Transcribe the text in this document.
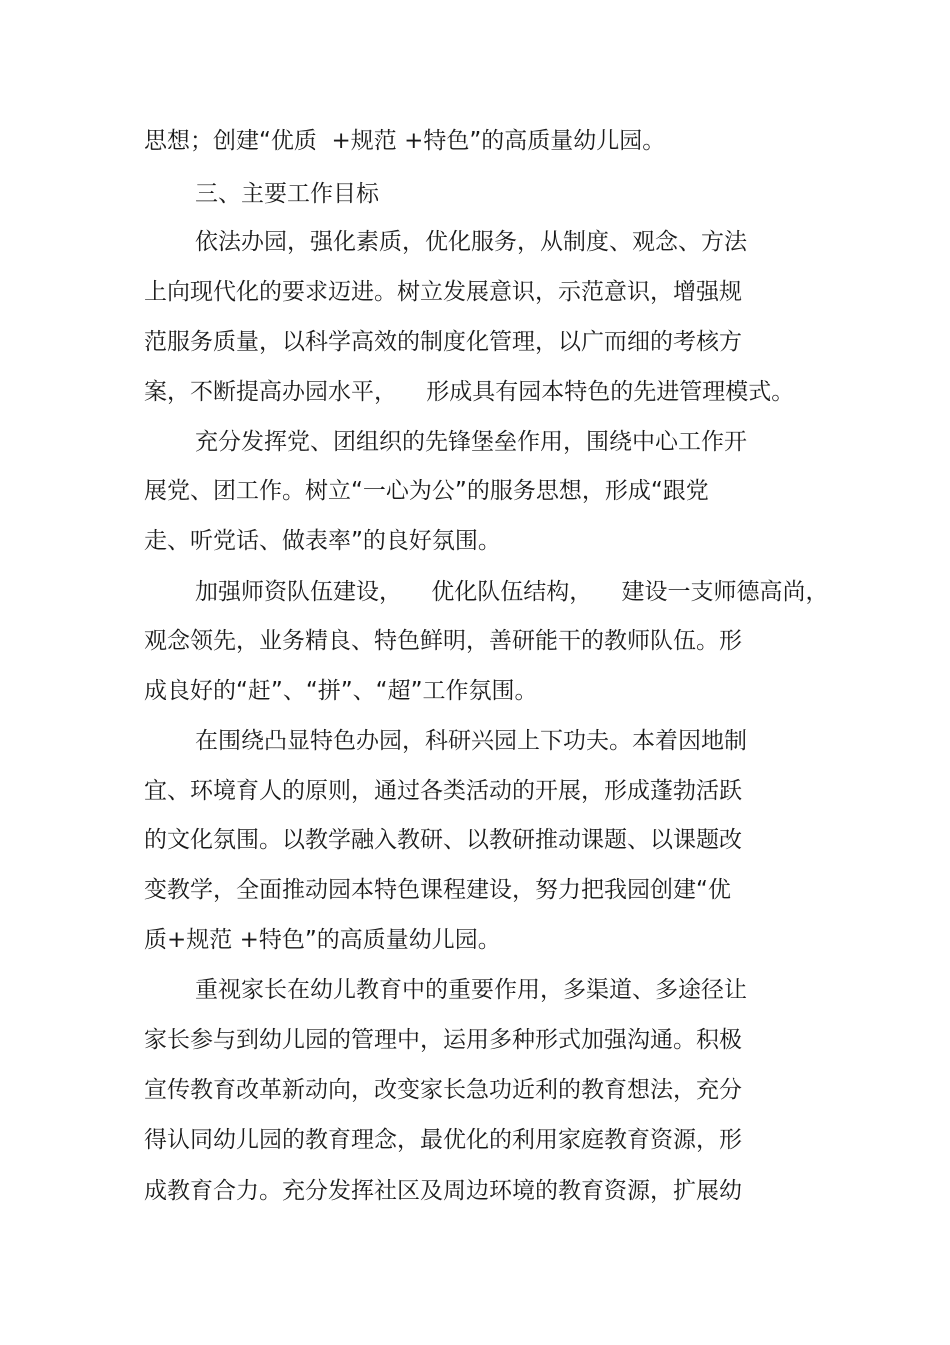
思想；创建“优质  +规范 +特色”的高质量幼儿园。
三、主要工作目标
依法办园，强化素质，优化服务，从制度、观念、方法
上向现代化的要求迈进。树立发展意识，示范意识，增强规
范服务质量，以科学高效的制度化管理，以广而细的考核方
案，不断提高办园水平，    形成具有园本特色的先进管理模式。
充分发挥党、团组织的先锋堡垒作用，围绕中心工作开
展党、团工作。树立“一心为公”的服务思想，形成“跟党
走、听党话、做表率”的良好氛围。
加强师资队伍建设，    优化队伍结构，    建设一支师德高尚，
观念领先，业务精良、特色鲜明，善研能干的教师队伍。形
成良好的“赶”、“拼”、“超”工作氛围。
在围绕凸显特色办园，科研兴园上下功夫。本着因地制
宜、环境育人的原则，通过各类活动的开展，形成蓬勃活跃
的文化氛围。以教学融入教研、以教研推动课题、以课题改
变教学，全面推动园本特色课程建设，努力把我园创建“优
质+规范 +特色”的高质量幼儿园。
重视家长在幼儿教育中的重要作用，多渠道、多途径让
家长参与到幼儿园的管理中，运用多种形式加强沟通。积极
宣传教育改革新动向，改变家长急功近利的教育想法，充分
得认同幼儿园的教育理念，最优化的利用家庭教育资源，形
成教育合力。充分发挥社区及周边环境的教育资源，扩展幼
